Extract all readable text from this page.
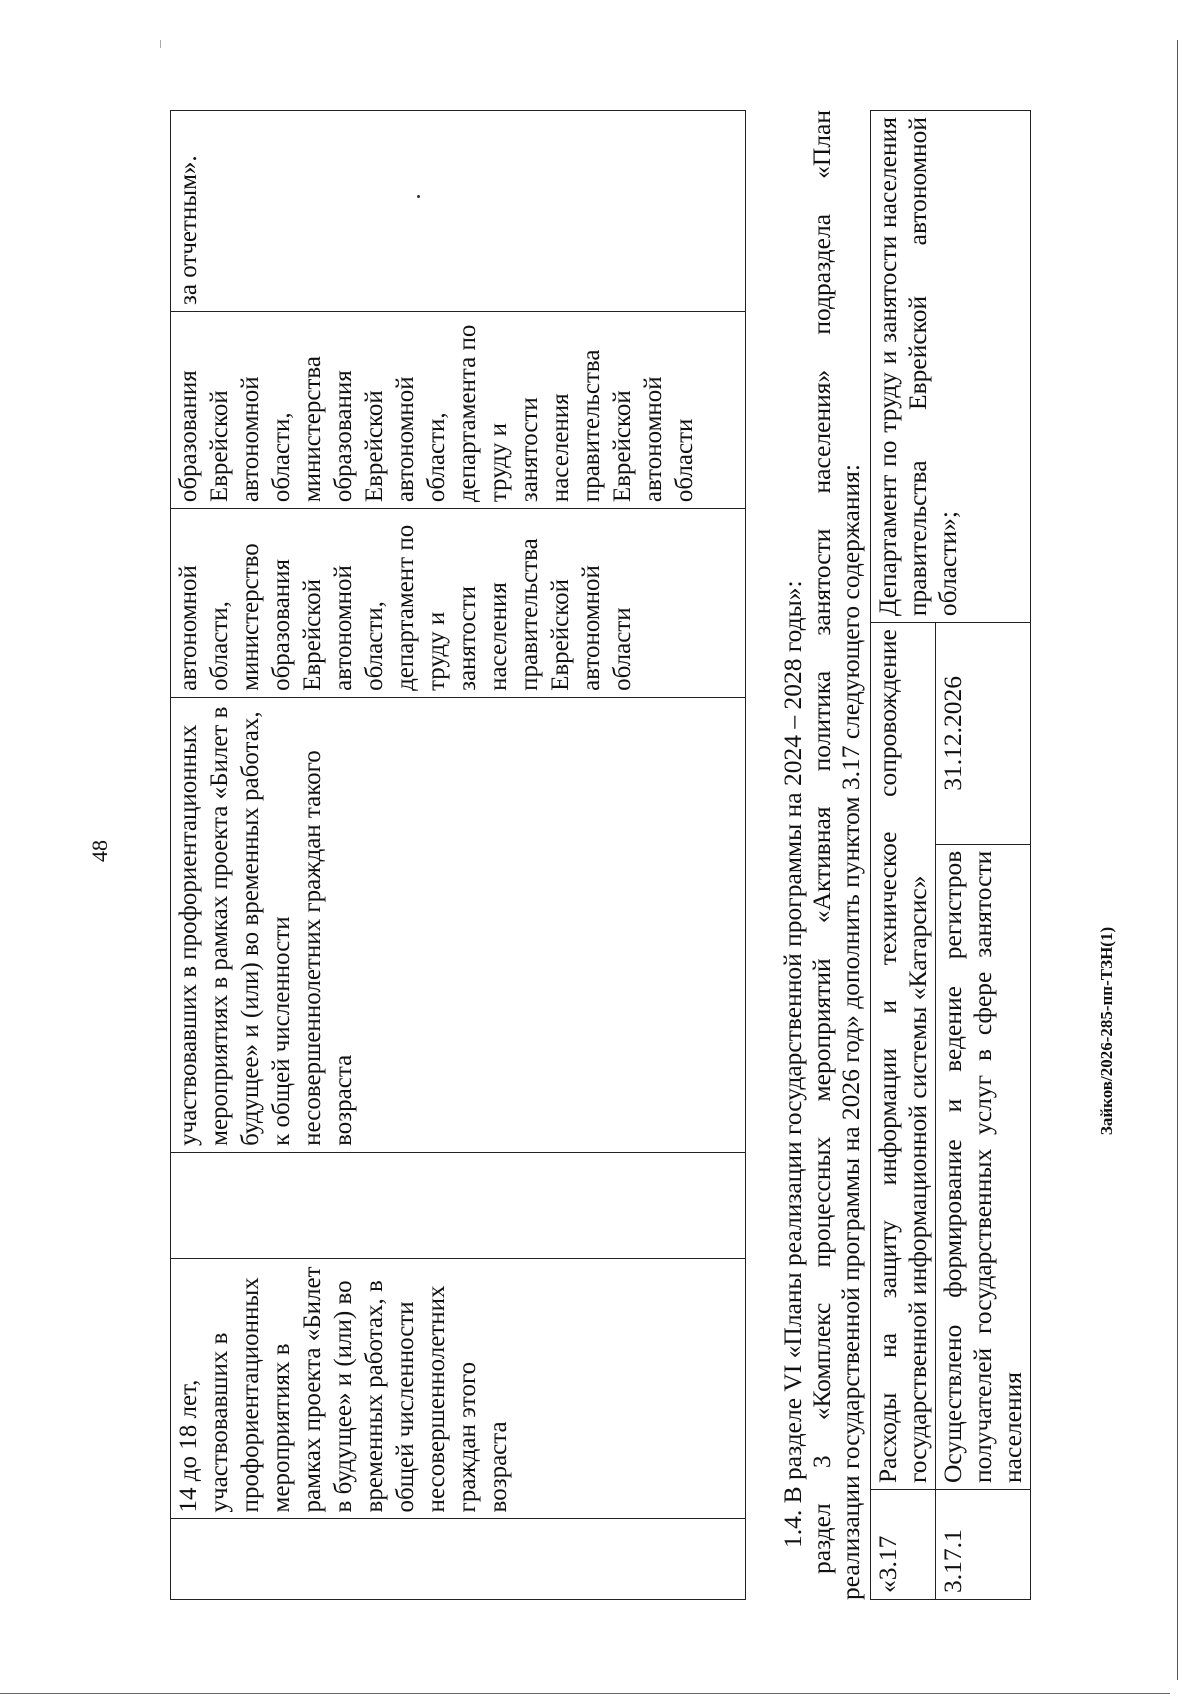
48
Зайков/2026-285-пп-ТЗН(1)
	14 до 18 лет, участвовавших в профориентационных мероприятиях в рамках проекта «Билет в будущее» и (или) во временных работах, в общей численности несовершеннолетних граждан этого возраста		участвовавших в профориентационных мероприятиях в рамках проекта «Билет в будущее» и (или) во временных работах, к общей численности несовершеннолетних граждан такого возраста	автономной области, министерство образования Еврейской автономной области, департамент по труду и занятости населения правительства Еврейской автономной области	образования Еврейской автономной области, министерства образования Еврейской автономной области, департамента по труду и занятости населения правительства Еврейской автономной области	за отчетным».
1.4. В разделе VI «Планы реализации государственной программы на 2024 – 2028 годы»: раздел 3 «Комплекс процессных мероприятий «Активная политика занятости населения» подраздела «План реализации государственной программы на 2026 год» дополнить пунктом 3.17 следующего содержания: «3.17	Расходы на защиту информации и техническое сопровождение государственной информационной системы «Катарсис»		Департамент по труду и занятости населения правительства Еврейской автономной области»;
3.17.1	Осуществлено формирование и ведение регистров получателей государственных услуг в сфере занятости населения	31.12.2026	
